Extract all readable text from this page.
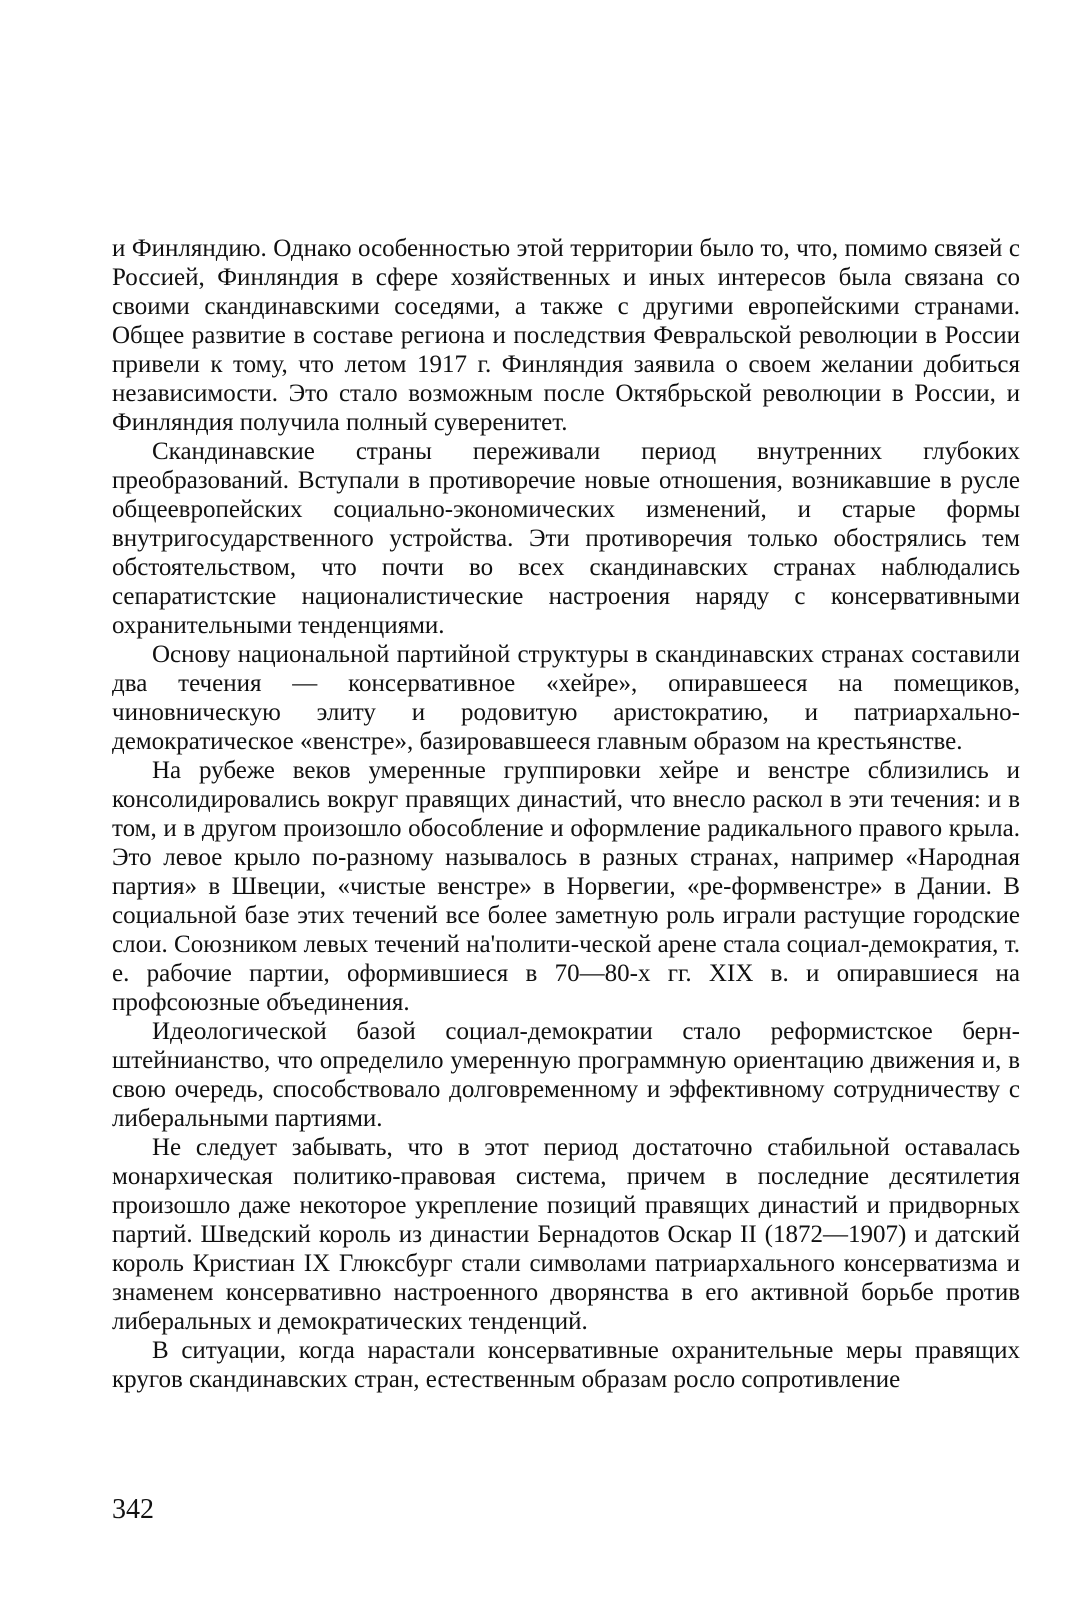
и Финляндию. Однако особенностью этой территории было то, что, помимо связей с Россией, Финляндия в сфере хозяйственных и иных интересов была связана со своими скандинавскими соседями, а также с другими европейскими странами. Общее развитие в составе региона и последствия Февральской революции в России привели к тому, что летом 1917 г. Финляндия заявила о своем желании добиться независимости. Это стало возможным после Октябрьской революции в России, и Финляндия получила полный суверенитет.

Скандинавские страны переживали период внутренних глубоких преобразований. Вступали в противоречие новые отношения, возникавшие в русле общеевропейских социально-экономических изменений, и старые формы внутригосударственного устройства. Эти противоречия только обострялись тем обстоятельством, что почти во всех скандинавских странах наблюдались сепаратистские националистические настроения наряду с консервативными охранительными тенденциями.

Основу национальной партийной структуры в скандинавских странах составили два течения — консервативное «хейре», опиравшееся на помещиков, чиновническую элиту и родовитую аристократию, и патриархально-демократическое «венстре», базировавшееся главным образом на крестьянстве.

На рубеже веков умеренные группировки хейре и венстре сблизились и консолидировались вокруг правящих династий, что внесло раскол в эти течения: и в том, и в другом произошло обособление и оформление радикального правого крыла. Это левое крыло по-разному называлось в разных странах, например «Народная партия» в Швеции, «чистые венстре» в Норвегии, «ре-формвенстре» в Дании. В социальной базе этих течений все более заметную роль играли растущие городские слои. Союзником левых течений на'полити-ческой арене стала социал-демократия, т. е. рабочие партии, оформившиеся в 70—80-х гг. XIX в. и опиравшиеся на профсоюзные объединения.

Идеологической базой социал-демократии стало реформистское берн-штейнианство, что определило умеренную программную ориентацию движения и, в свою очередь, способствовало долговременному и эффективному сотрудничеству с либеральными партиями.

Не следует забывать, что в этот период достаточно стабильной оставалась монархическая политико-правовая система, причем в последние десятилетия произошло даже некоторое укрепление позиций правящих династий и придворных партий. Шведский король из династии Бернадотов Оскар II (1872—1907) и датский король Кристиан IX Глюксбург стали символами патриархального консерватизма и знаменем консервативно настроенного дворянства в его активной борьбе против либеральных и демократических тенденций.

В ситуации, когда нарастали консервативные охранительные меры правящих кругов скандинавских стран, естественным образам росло сопротивление

342
